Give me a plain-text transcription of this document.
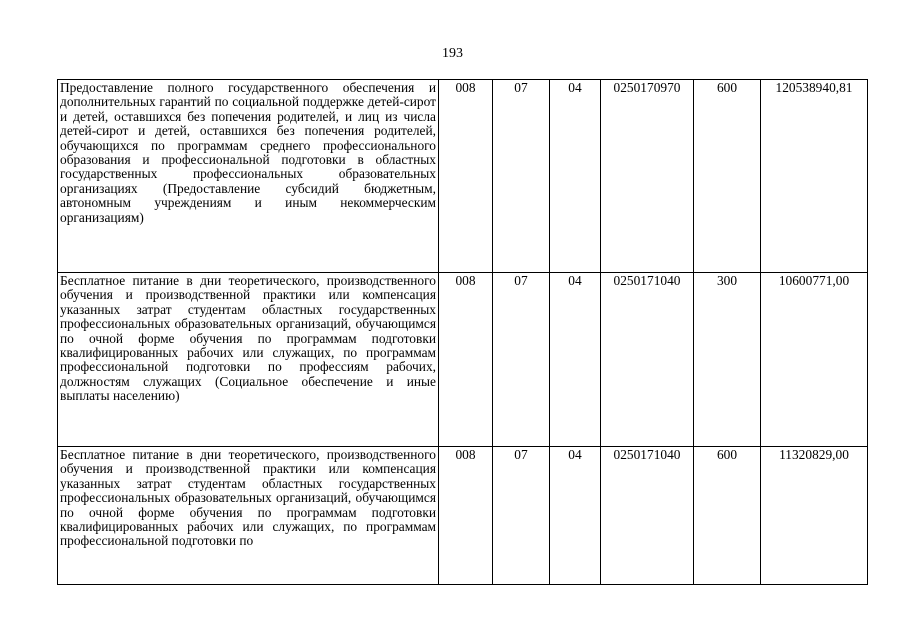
193
Предоставление полного государственного обеспечения и дополнительных гарантий по социальной поддержке детей-сирот и детей, оставшихся без попечения родителей, и лиц из числа детей-сирот и детей, оставшихся без попечения родителей, обучающихся по программам среднего профессионального образования и профессиональной подготовки в областных государственных профессиональных образовательных организациях (Предоставление субсидий бюджетным, автономным учреждениям и иным некоммерческим организациям)	008	07	04	0250170970	600	120538940,81
Бесплатное питание в дни теоретического, производственного обучения и производственной практики или компенсация указанных затрат студентам областных государственных профессиональных образовательных организаций, обучающимся по очной форме обучения по программам подготовки квалифицированных рабочих или служащих, по программам профессиональной подготовки по профессиям рабочих, должностям служащих (Социальное обеспечение и иные выплаты населению)	008	07	04	0250171040	300	10600771,00
Бесплатное питание в дни теоретического, производственного обучения и производственной практики или компенсация указанных затрат студентам областных государственных профессиональных образовательных организаций, обучающимся по очной форме обучения по программам подготовки квалифицированных рабочих или служащих, по программам профессиональной подготовки по	008	07	04	0250171040	600	11320829,00
